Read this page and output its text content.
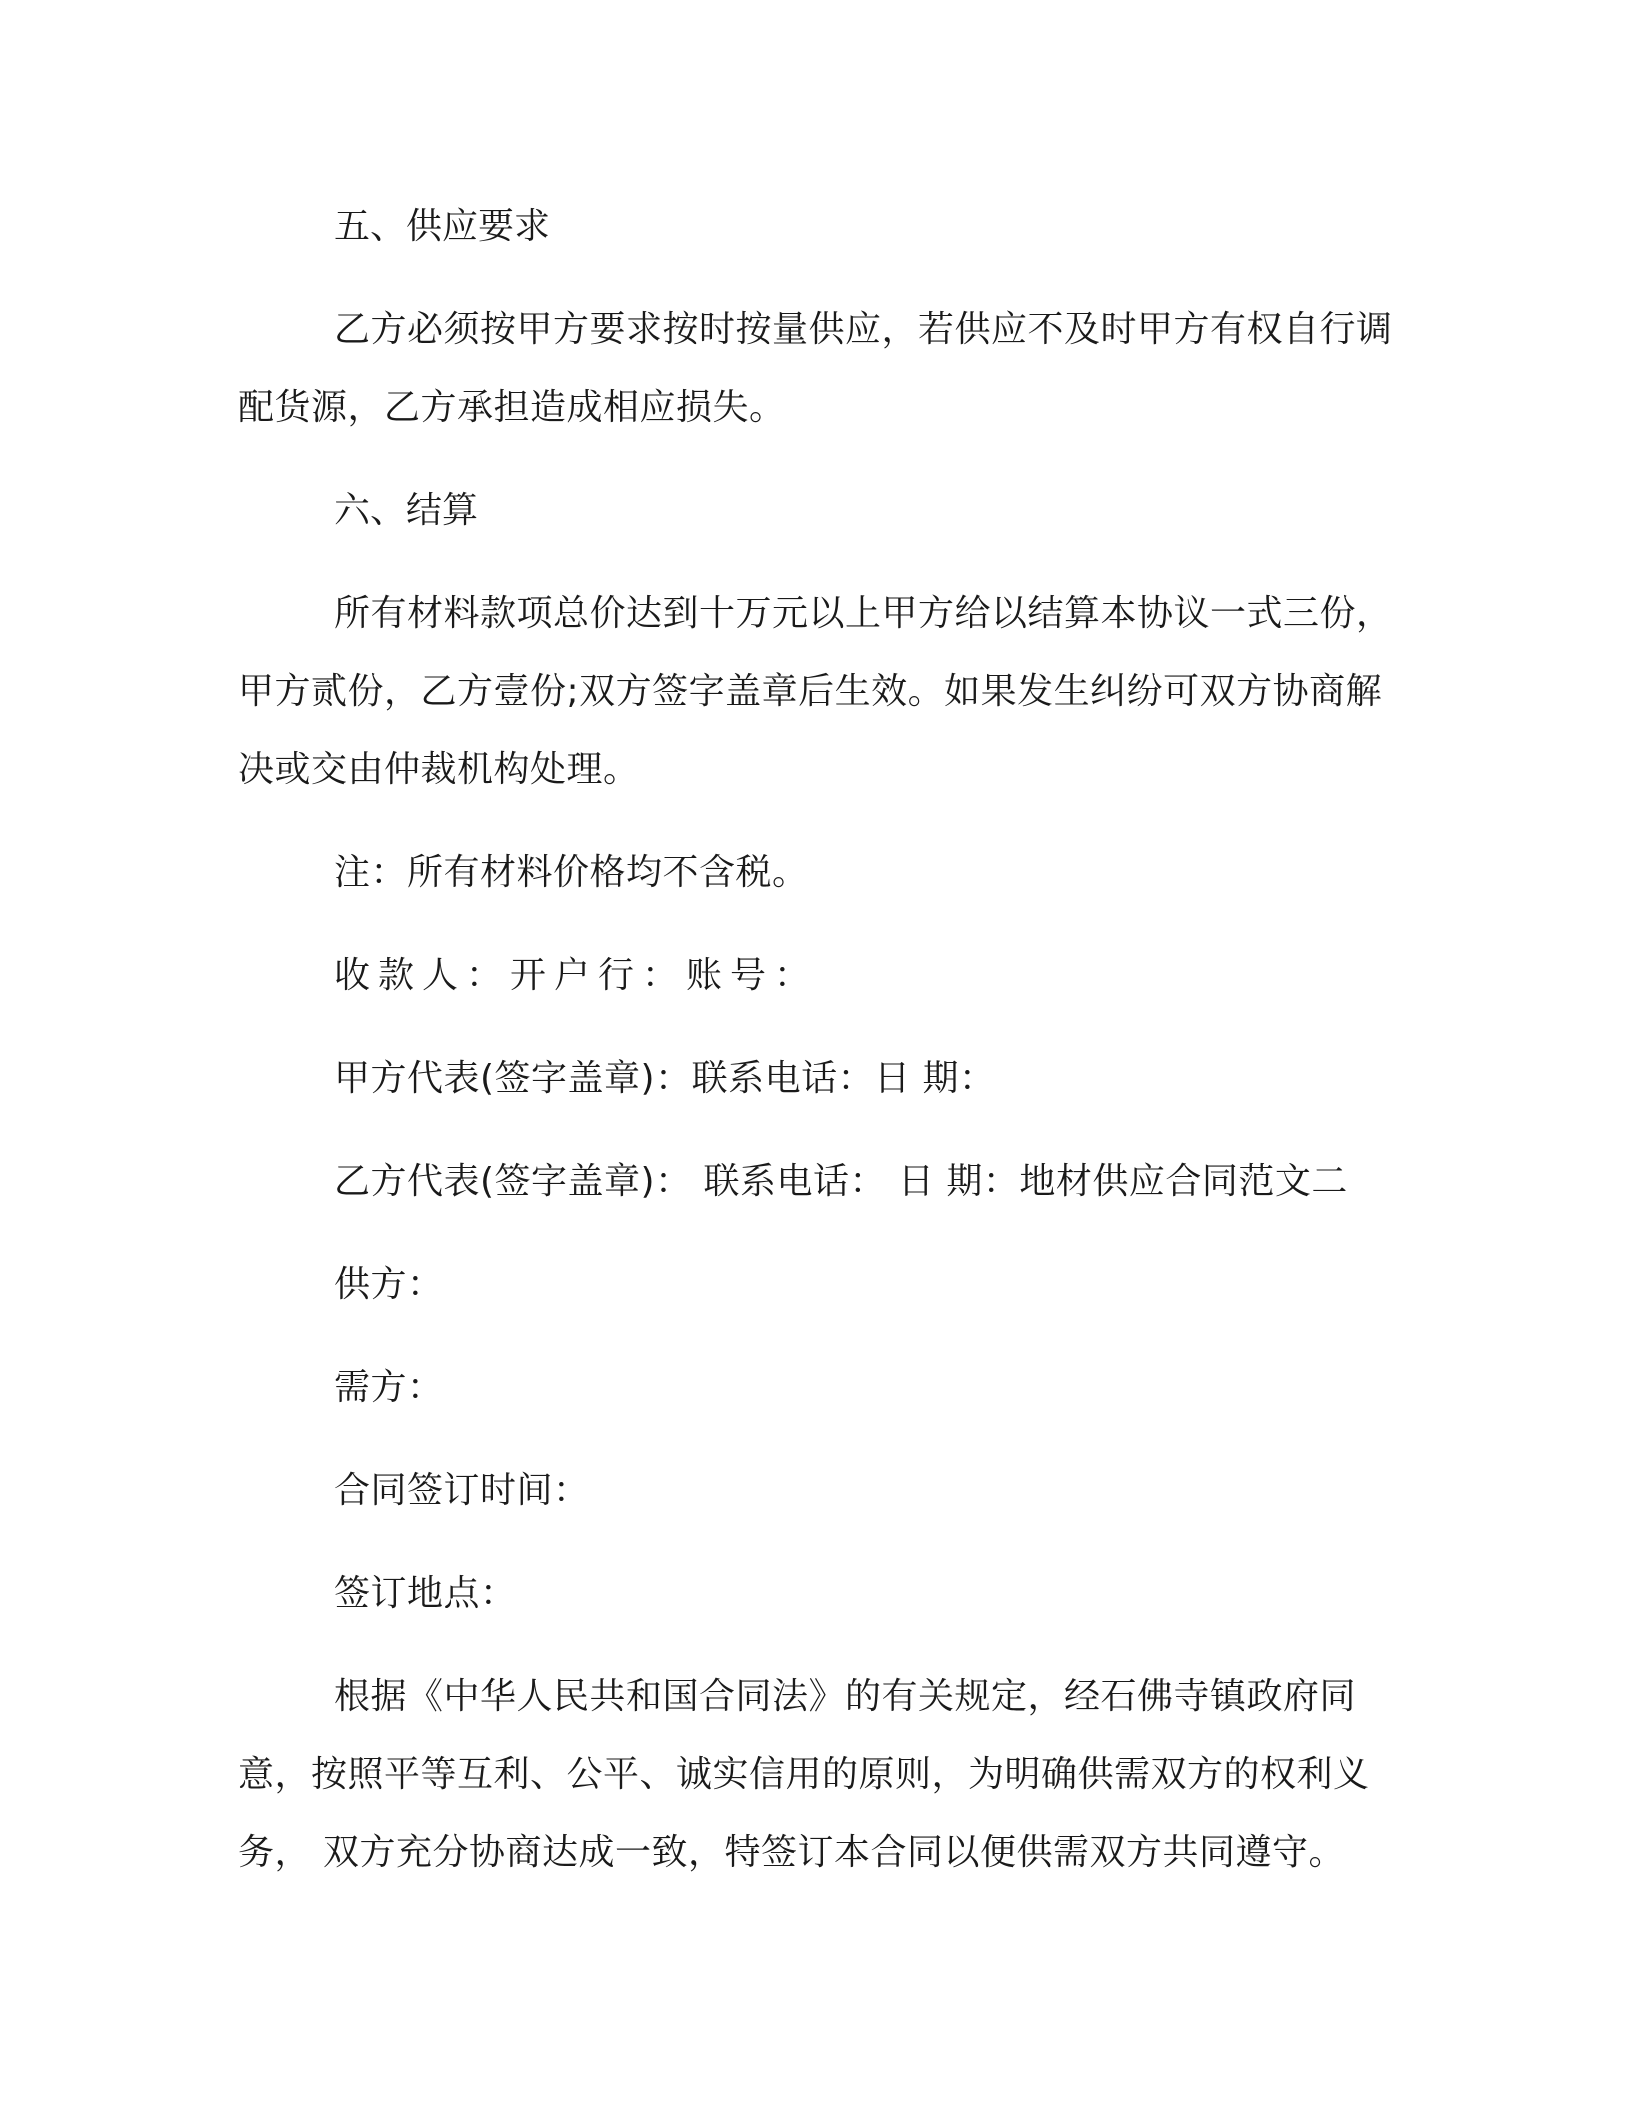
五、供应要求

乙方必须按甲方要求按时按量供应，若供应不及时甲方有权自行调配货源，乙方承担造成相应损失。

六、结算

所有材料款项总价达到十万元以上甲方给以结算本协议一式三份，甲方贰份，乙方壹份;双方签字盖章后生效。如果发生纠纷可双方协商解决或交由仲裁机构处理。

注：所有材料价格均不含税。

收款人：开户行：账号：

甲方代表(签字盖章)：联系电话：日 期：

乙方代表(签字盖章)： 联系电话： 日 期：地材供应合同范文二

供方：

需方：

合同签订时间：

签订地点：

根据《中华人民共和国合同法》的有关规定，经石佛寺镇政府同意，按照平等互利、公平、诚实信用的原则，为明确供需双方的权利义务， 双方充分协商达成一致，特签订本合同以便供需双方共同遵守。
